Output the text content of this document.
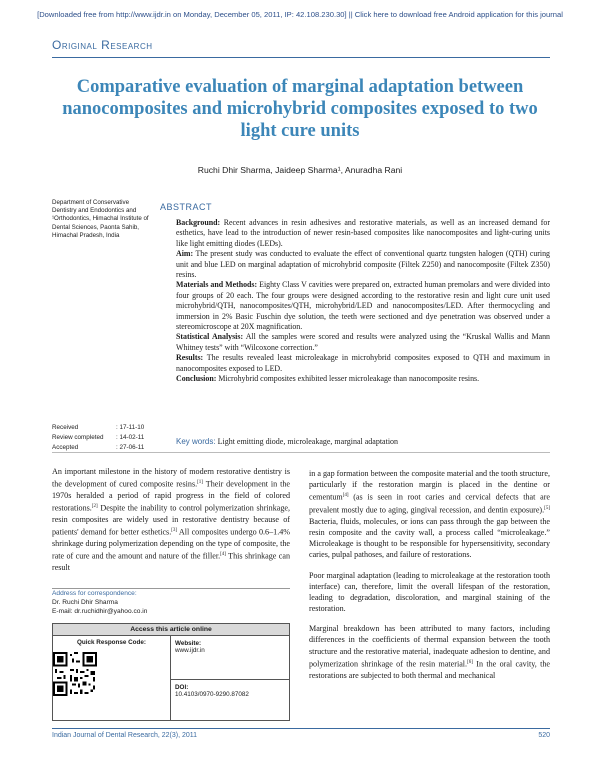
[Downloaded free from http://www.ijdr.in on Monday, December 05, 2011, IP: 42.108.230.30] || Click here to download free Android application for this journal
Original Research
Comparative evaluation of marginal adaptation between nanocomposites and microhybrid composites exposed to two light cure units
Ruchi Dhir Sharma, Jaideep Sharma¹, Anuradha Rani
Department of Conservative Dentistry and Endodontics and ¹Orthodontics, Himachal Institute of Dental Sciences, Paonta Sahib, Himachal Pradesh, India
ABSTRACT

Background: Recent advances in resin adhesives and restorative materials, as well as an increased demand for esthetics, have lead to the introduction of newer resin-based composites like nanocomposites and light-curing units like light emitting diodes (LEDs).

Aim: The present study was conducted to evaluate the effect of conventional quartz tungsten halogen (QTH) curing unit and blue LED on marginal adaptation of microhybrid composite (Filtek Z250) and nanocomposite (Filtek Z350) resins.

Materials and Methods: Eighty Class V cavities were prepared on, extracted human premolars and were divided into four groups of 20 each. The four groups were designed according to the restorative resin and light cure unit used microhybrid/QTH, nanocomposites/QTH, microhybrid/LED and nanocomposites/LED. After thermocycling and immersion in 2% Basic Fuschin dye solution, the teeth were sectioned and dye penetration was observed under a stereomicroscope at 20X magnification.

Statistical Analysis: All the samples were scored and results were analyzed using the “Kruskal Wallis and Mann Whitney tests” with “Wilcoxone correction.”

Results: The results revealed least microleakage in microhybrid composites exposed to QTH and maximum in nanocomposites exposed to LED.

Conclusion: Microhybrid composites exhibited lesser microleakage than nanocomposite resins.

Received	: 17-11-10
Review completed	: 14-02-11
Accepted	: 27-06-11
Key words: Light emitting diode, microleakage, marginal adaptation

An important milestone in the history of modern restorative dentistry is the development of cured composite resins.[1] Their development in the 1970s heralded a period of rapid progress in the field of colored restorations.[2] Despite the inability to control polymerization shrinkage, resin composites are widely used in restorative dentistry because of patients' demand for better esthetics.[3] All composites undergo 0.6–1.4% shrinkage during polymerization depending on the type of composite, the rate of cure and the amount and nature of the filler.[4] This shrinkage can result

Address for correspondence:
Dr. Ruchi Dhir Sharma
E-mail: dr.ruchidhir@yahoo.co.in
Access this article online
Quick Response Code:	Website:
www.ijdr.in
DOI:
10.4103/0970-9290.87082

in a gap formation between the composite material and the tooth structure, particularly if the restoration margin is placed in the dentine or cementum[4] (as is seen in root caries and cervical defects that are prevalent mostly due to aging, gingival recession, and dentin exposure).[5] Bacteria, fluids, molecules, or ions can pass through the gap between the resin composite and the cavity wall, a process called “microleakage.” Microleakage is thought to be responsible for hypersensitivity, secondary caries, pulpal pathoses, and failure of restorations.

Poor marginal adaptation (leading to microleakage at the restoration tooth interface) can, therefore, limit the overall lifespan of the restoration, leading to degradation, discoloration, and marginal staining of the restoration.

Marginal breakdown has been attributed to many factors, including differences in the coefficients of thermal expansion between the tooth structure and the restorative material, inadequate adhesion to dentine, and polymerization shrinkage of the resin material.[6] In the oral cavity, the restorations are subjected to both thermal and mechanical

Indian Journal of Dental Research, 22(3), 2011	520
